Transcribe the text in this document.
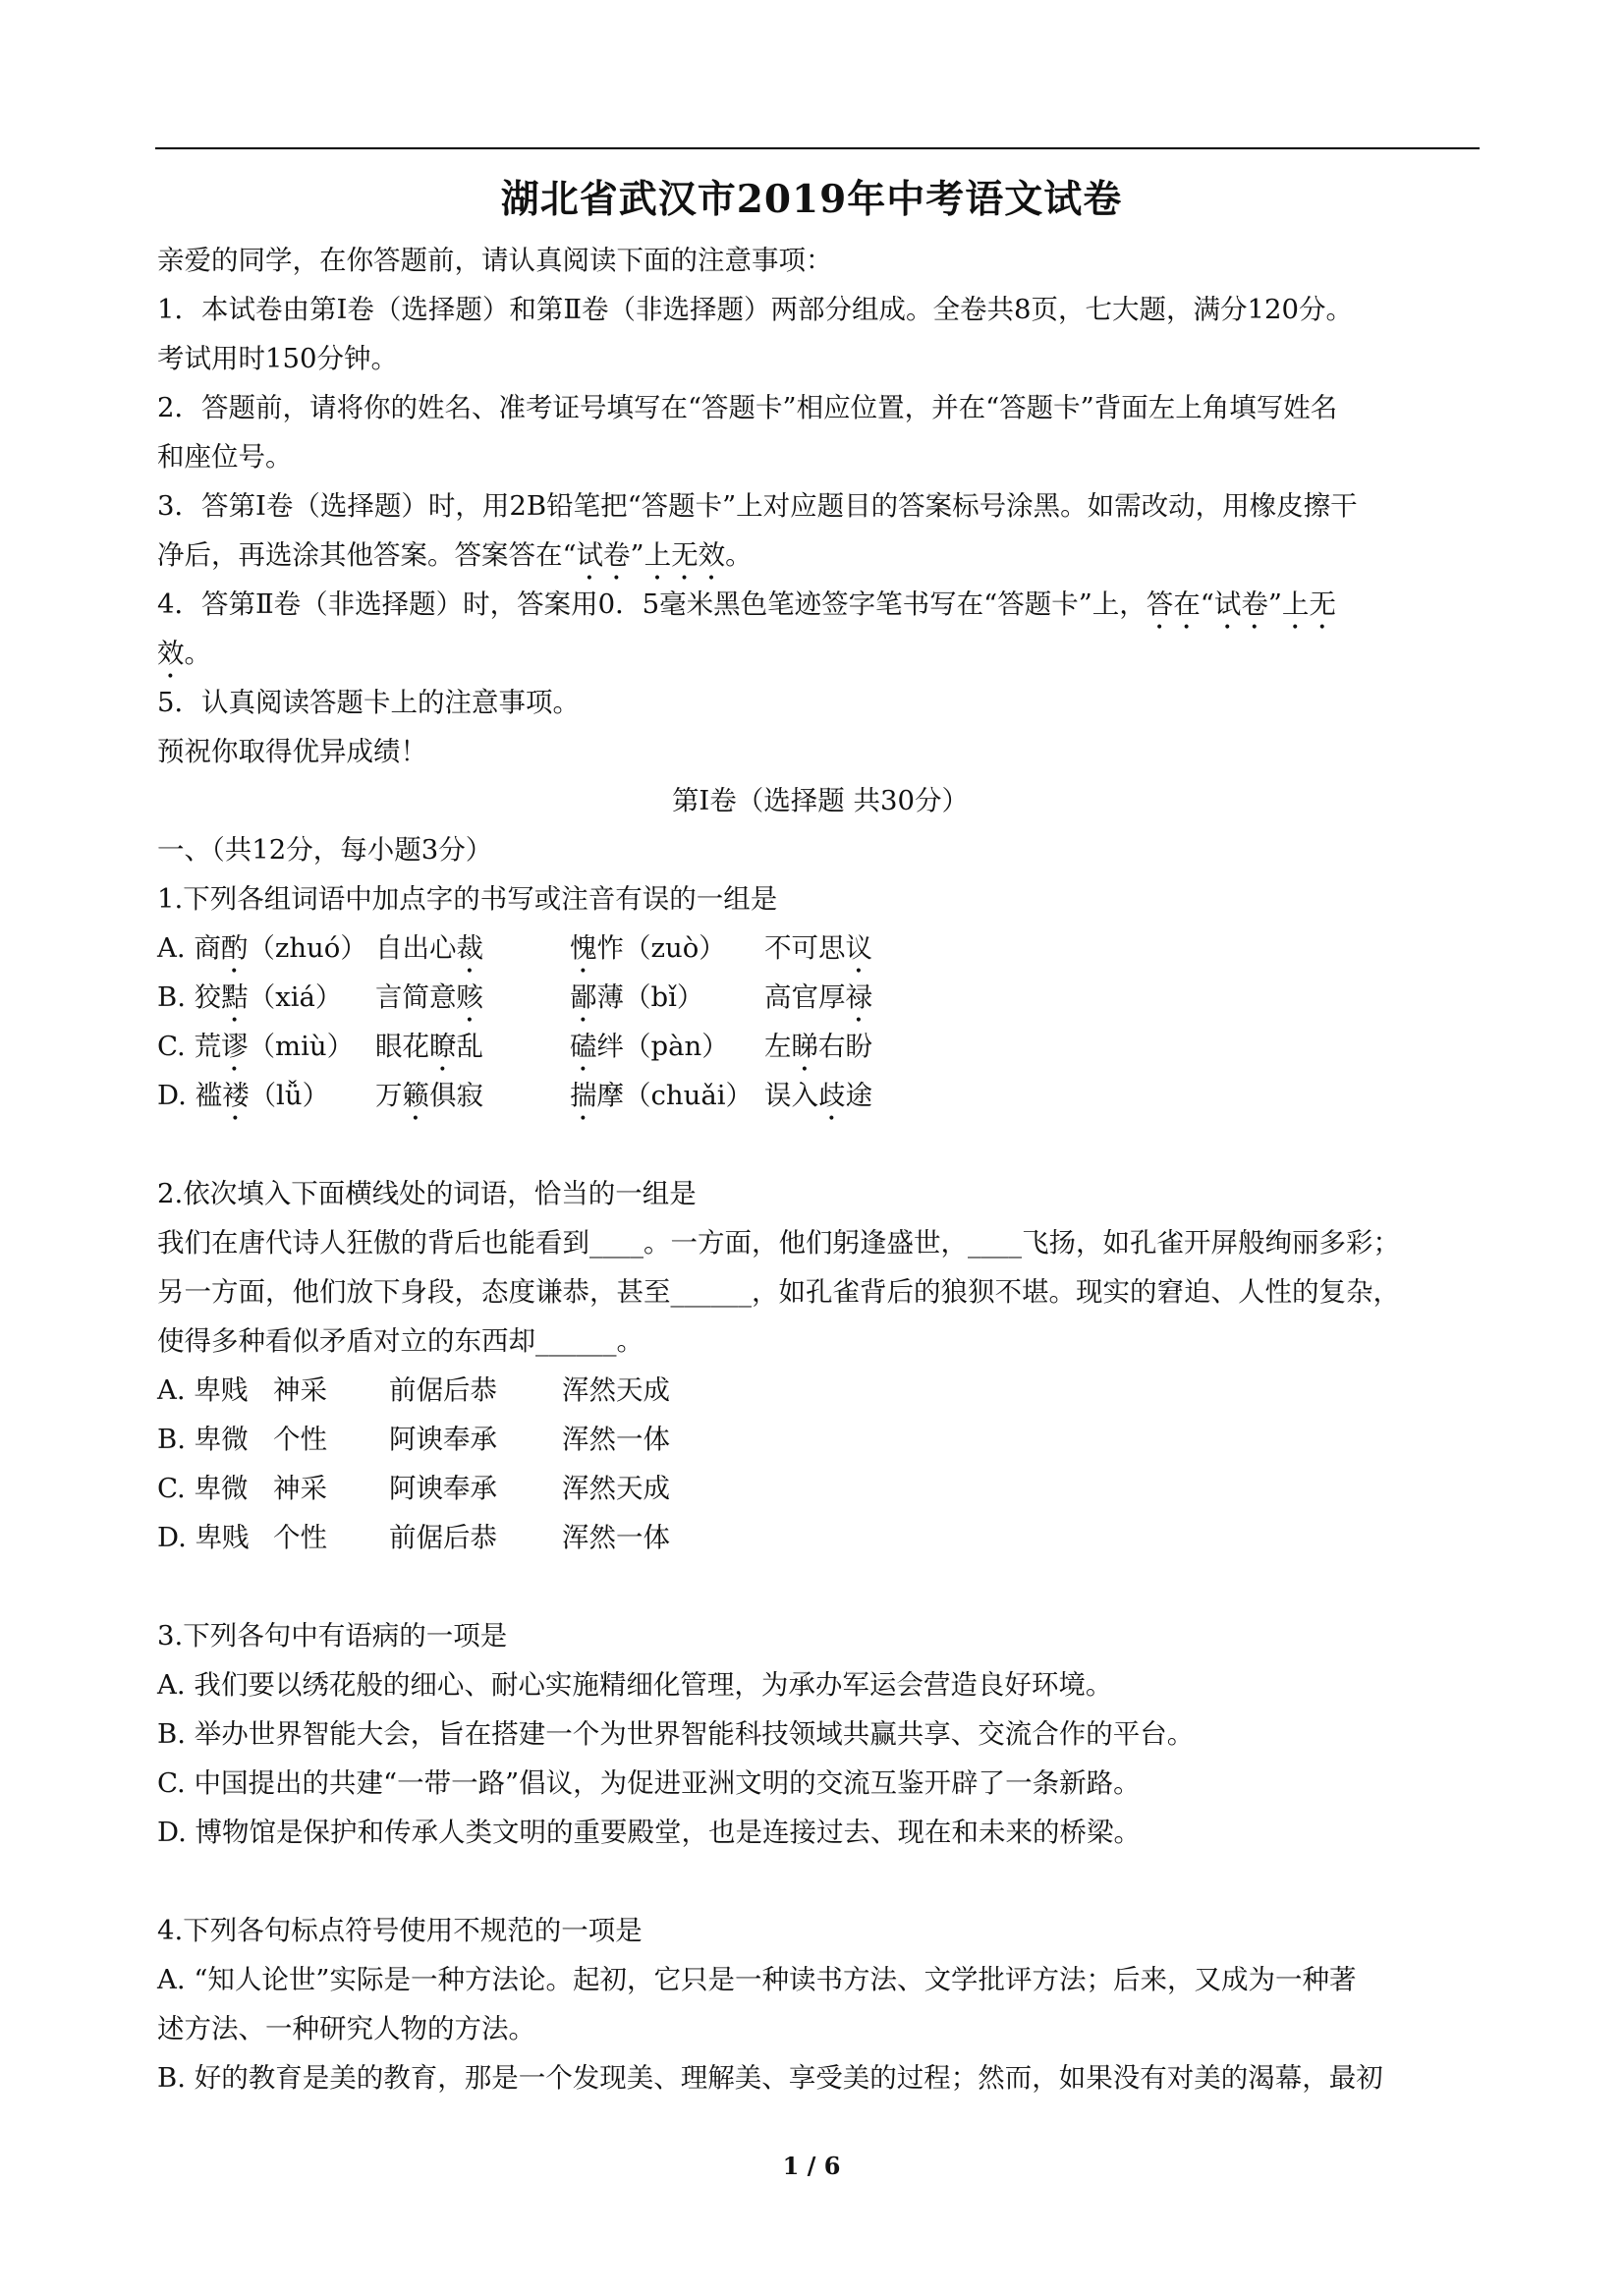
湖北省武汉市2019年中考语文试卷
亲爱的同学，在你答题前，请认真阅读下面的注意事项：
1．本试卷由第Ⅰ卷（选择题）和第Ⅱ卷（非选择题）两部分组成。全卷共8页，七大题，满分120分。
考试用时150分钟。
2．答题前，请将你的姓名、准考证号填写在“答题卡”相应位置，并在“答题卡”背面左上角填写姓名
和座位号。
3．答第Ⅰ卷（选择题）时，用2B铅笔把“答题卡”上对应题目的答案标号涂黑。如需改动，用橡皮擦干
净后，再选涂其他答案。答案答在“试卷”上无效。
4．答第Ⅱ卷（非选择题）时，答案用0．5毫米黑色笔迹签字笔书写在“答题卡”上，答在“试卷”上无
效。
5．认真阅读答题卡上的注意事项。
预祝你取得优异成绩！
第Ⅰ卷（选择题 共30分）
一、（共12分，每小题3分）
1.下列各组词语中加点字的书写或注音有误的一组是
A. 商酌（zhuó） 自出心裁	愧怍（zuò） 不可思议
B. 狡黠（xiá） 言简意赅	鄙薄（bǐ） 高官厚禄
C. 荒谬（miù） 眼花瞭乱	磕绊（pàn） 左睇右盼
D. 褴褛（lǚ） 万籁俱寂	揣摩（chuǎi） 误入歧途
2.依次填入下面横线处的词语，恰当的一组是
我们在唐代诗人狂傲的背后也能看到____。一方面，他们躬逢盛世，____飞扬，如孔雀开屏般绚丽多彩；
另一方面，他们放下身段，态度谦恭，甚至______，如孔雀背后的狼狈不堪。现实的窘迫、人性的复杂，
使得多种看似矛盾对立的东西却______。
A. 卑贱 神采 前倨后恭 浑然天成
B. 卑微 个性 阿谀奉承 浑然一体
C. 卑微 神采 阿谀奉承 浑然天成
D. 卑贱 个性 前倨后恭 浑然一体
3.下列各句中有语病的一项是
A. 我们要以绣花般的细心、耐心实施精细化管理，为承办军运会营造良好环境。
B. 举办世界智能大会，旨在搭建一个为世界智能科技领域共赢共享、交流合作的平台。
C. 中国提出的共建“一带一路”倡议，为促进亚洲文明的交流互鉴开辟了一条新路。
D. 博物馆是保护和传承人类文明的重要殿堂，也是连接过去、现在和未来的桥梁。
4.下列各句标点符号使用不规范的一项是
A. “知人论世”实际是一种方法论。起初，它只是一种读书方法、文学批评方法；后来，又成为一种著
述方法、一种研究人物的方法。
B. 好的教育是美的教育，那是一个发现美、理解美、享受美的过程；然而，如果没有对美的渴幕，最初
1 / 6
